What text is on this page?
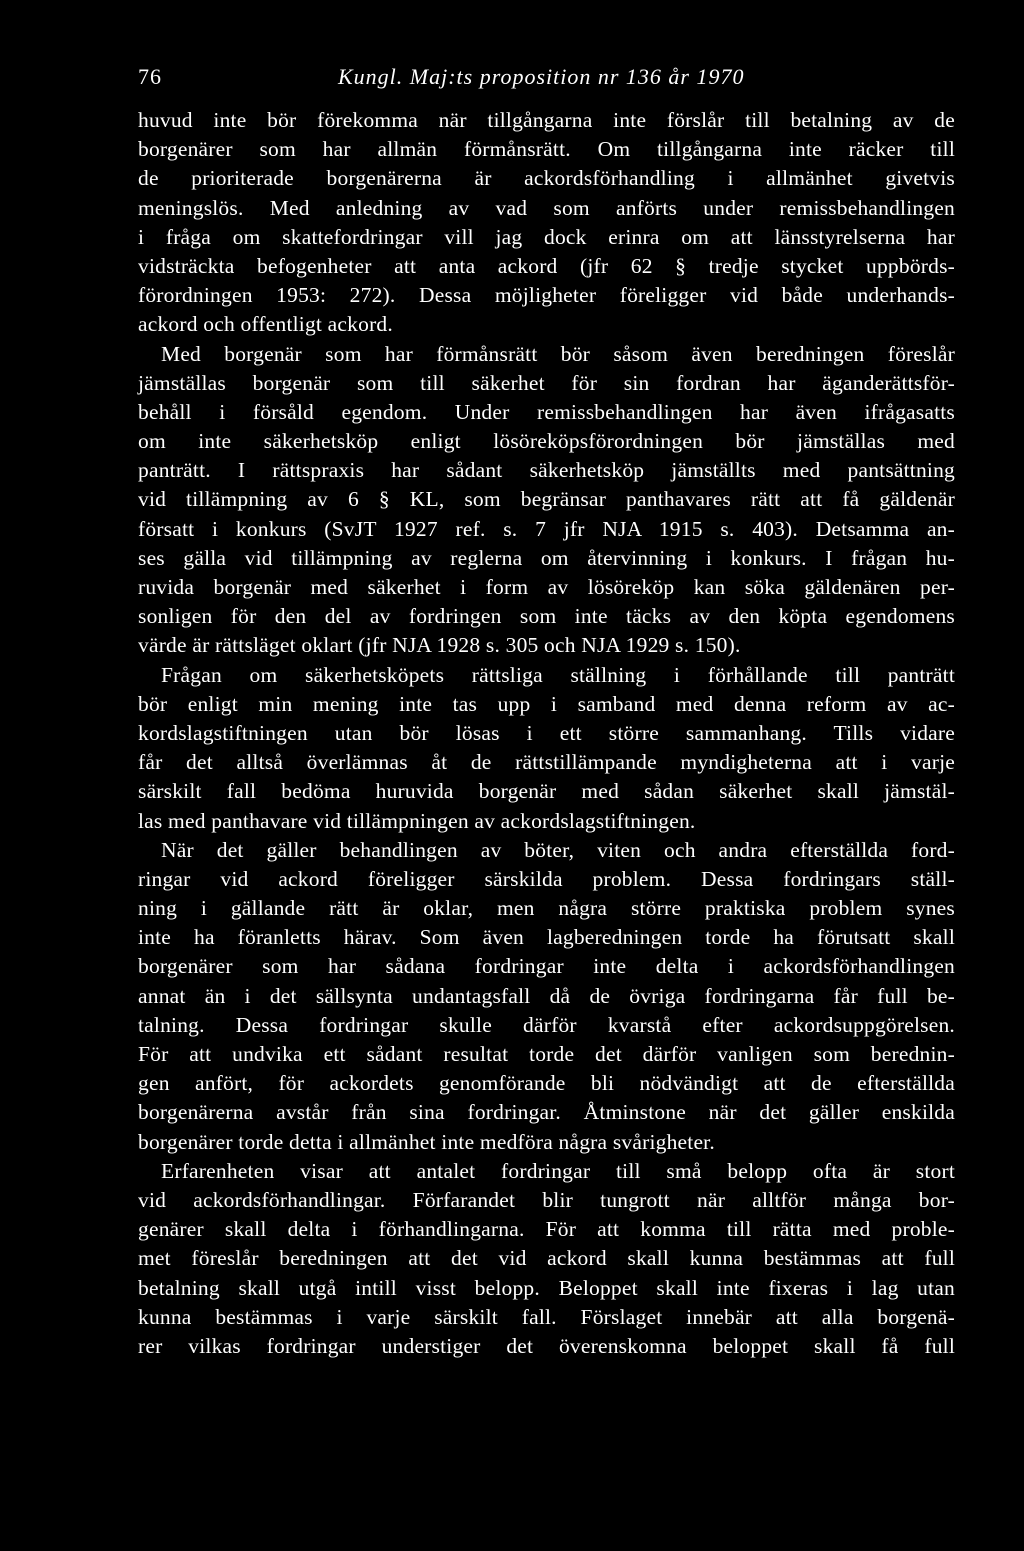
76	Kungl. Maj:ts proposition nr 136 år 1970
huvud inte bör förekomma när tillgångarna inte förslår till betalning av de
borgenärer som har allmän förmånsrätt. Om tillgångarna inte räcker till
de prioriterade borgenärerna är ackordsförhandling i allmänhet givetvis
meningslös. Med anledning av vad som anförts under remissbehandlingen
i fråga om skattefordringar vill jag dock erinra om att länsstyrelserna har
vidsträckta befogenheter att anta ackord (jfr 62 § tredje stycket uppbörds-
förordningen 1953: 272). Dessa möjligheter föreligger vid både underhands-
ackord och offentligt ackord.
Med borgenär som har förmånsrätt bör såsom även beredningen föreslår
jämställas borgenär som till säkerhet för sin fordran har äganderättsför-
behåll i försåld egendom. Under remissbehandlingen har även ifrågasatts
om inte säkerhetsköp enligt lösöreköpsförordningen bör jämställas med
panträtt. I rättspraxis har sådant säkerhetsköp jämställts med pantsättning
vid tillämpning av 6 § KL, som begränsar panthavares rätt att få gäldenär
försatt i konkurs (SvJT 1927 ref. s. 7 jfr NJA 1915 s. 403). Detsamma an-
ses gälla vid tillämpning av reglerna om återvinning i konkurs. I frågan hu-
ruvida borgenär med säkerhet i form av lösöreköp kan söka gäldenären per-
sonligen för den del av fordringen som inte täcks av den köpta egendomens
värde är rättsläget oklart (jfr NJA 1928 s. 305 och NJA 1929 s. 150).
Frågan om säkerhetsköpets rättsliga ställning i förhållande till panträtt
bör enligt min mening inte tas upp i samband med denna reform av ac-
kordslagstiftningen utan bör lösas i ett större sammanhang. Tills vidare
får det alltså överlämnas åt de rättstillämpande myndigheterna att i varje
särskilt fall bedöma huruvida borgenär med sådan säkerhet skall jämstäl-
las med panthavare vid tillämpningen av ackordslagstiftningen.
När det gäller behandlingen av böter, viten och andra efterställda ford-
ringar vid ackord föreligger särskilda problem. Dessa fordringars ställ-
ning i gällande rätt är oklar, men några större praktiska problem synes
inte ha föranletts härav. Som även lagberedningen torde ha förutsatt skall
borgenärer som har sådana fordringar inte delta i ackordsförhandlingen
annat än i det sällsynta undantagsfall då de övriga fordringarna får full be-
talning. Dessa fordringar skulle därför kvarstå efter ackordsuppgörelsen.
För att undvika ett sådant resultat torde det därför vanligen som berednin-
gen anfört, för ackordets genomförande bli nödvändigt att de efterställda
borgenärerna avstår från sina fordringar. Åtminstone när det gäller enskilda
borgenärer torde detta i allmänhet inte medföra några svårigheter.
Erfarenheten visar att antalet fordringar till små belopp ofta är stort
vid ackordsförhandlingar. Förfarandet blir tungrott när alltför många bor-
genärer skall delta i förhandlingarna. För att komma till rätta med proble-
met föreslår beredningen att det vid ackord skall kunna bestämmas att full
betalning skall utgå intill visst belopp. Beloppet skall inte fixeras i lag utan
kunna bestämmas i varje särskilt fall. Förslaget innebär att alla borgenä-
rer vilkas fordringar understiger det överenskomna beloppet skall få full
